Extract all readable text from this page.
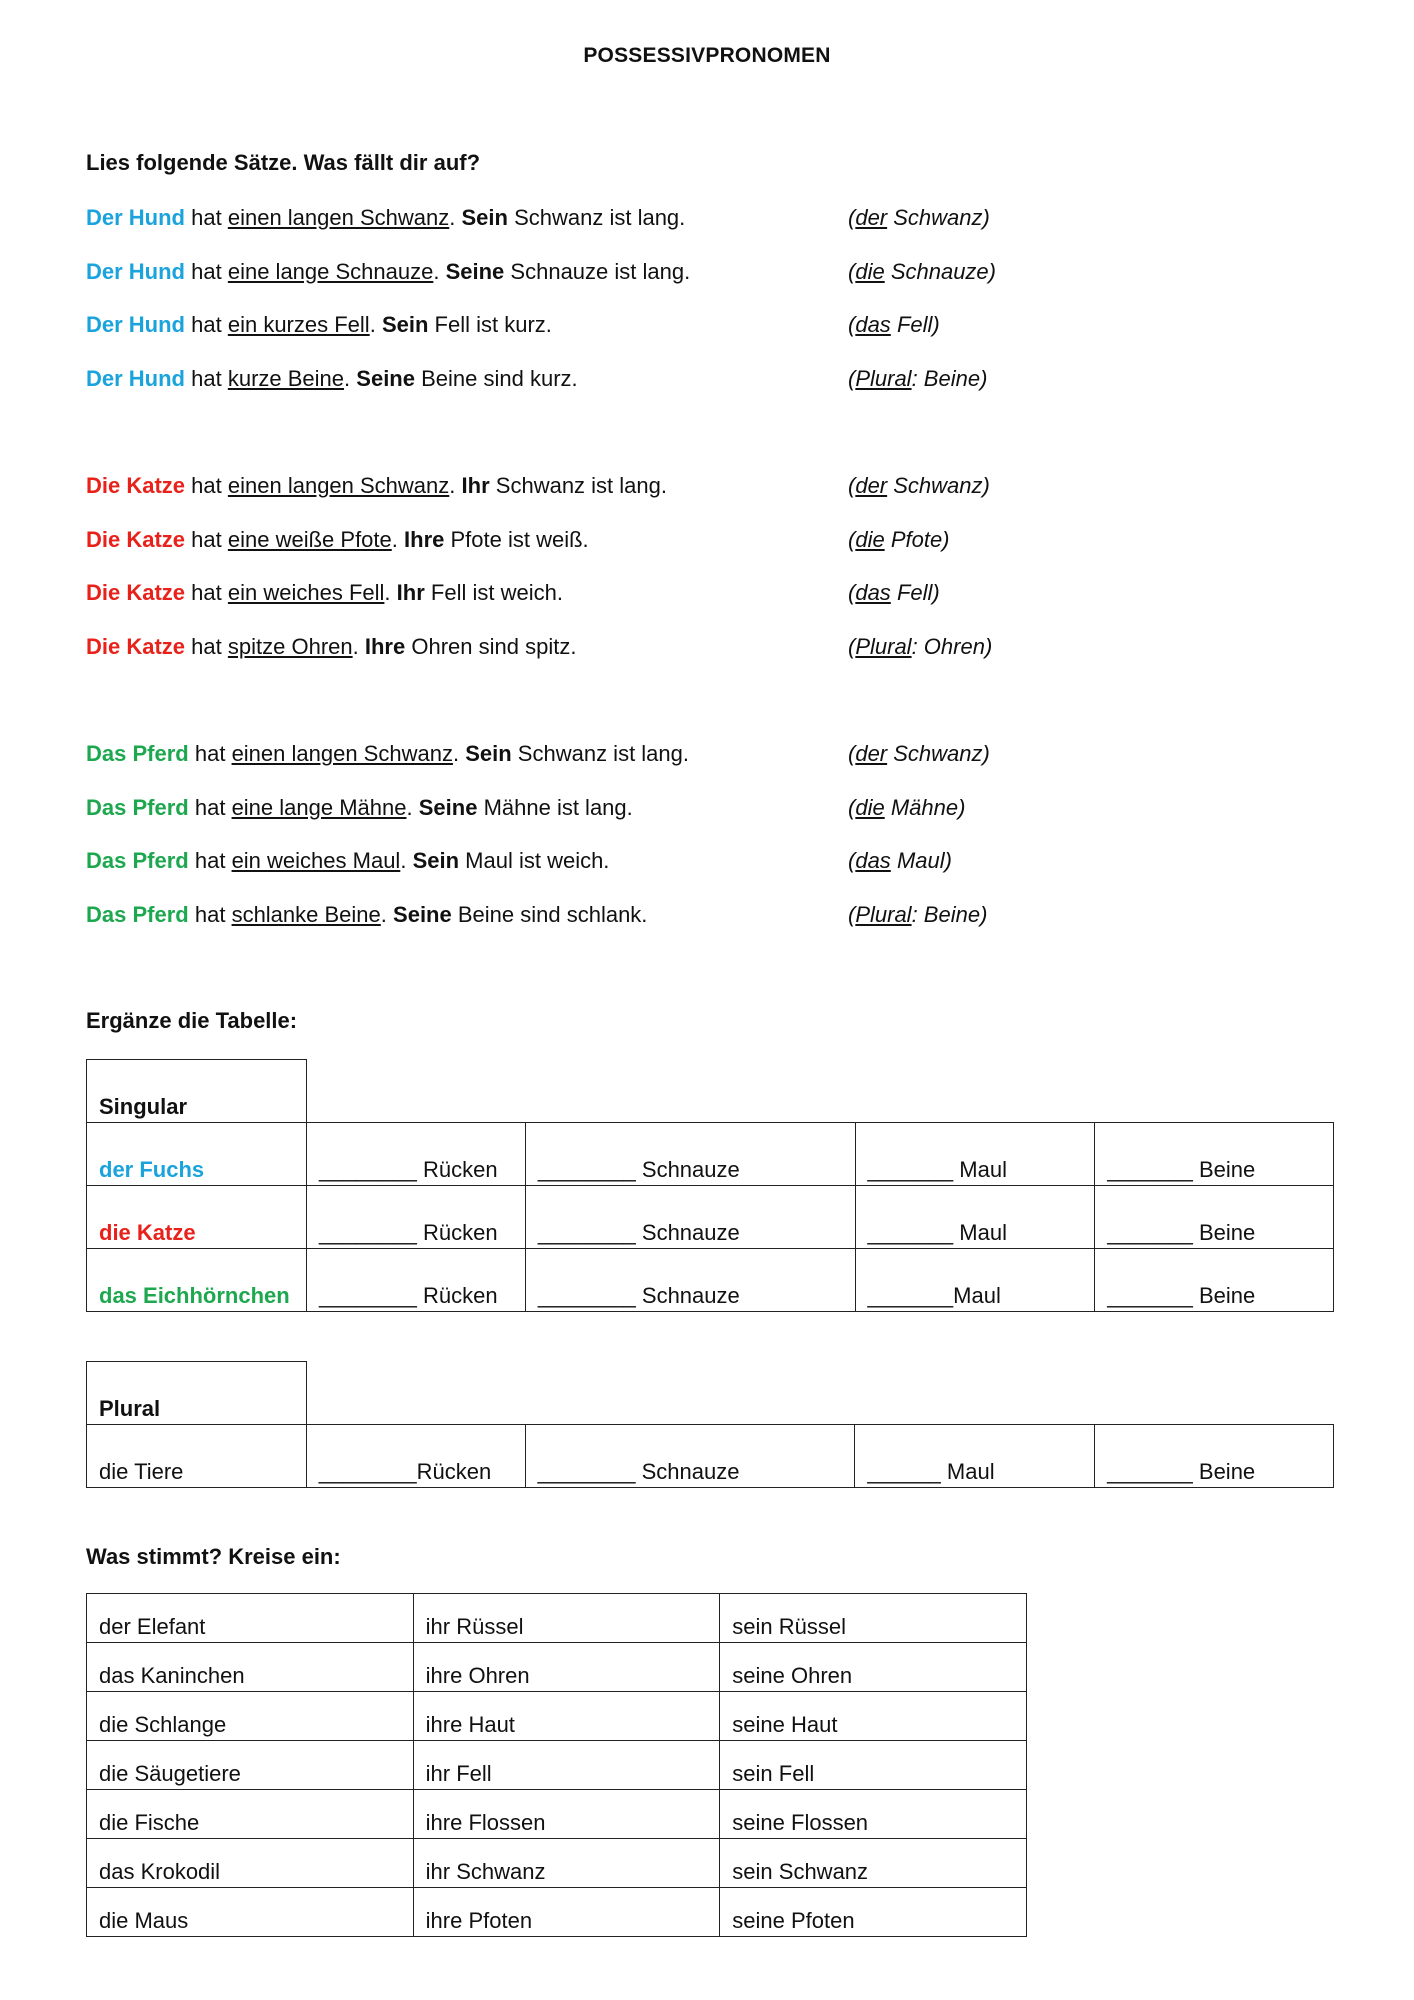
POSSESSIVPRONOMEN
Lies folgende Sätze. Was fällt dir auf?
Der Hund hat einen langen Schwanz. Sein Schwanz ist lang.	(der Schwanz)
Der Hund hat eine lange Schnauze. Seine Schnauze ist lang.	(die Schnauze)
Der Hund hat ein kurzes Fell. Sein Fell ist kurz.	(das Fell)
Der Hund hat kurze Beine. Seine Beine sind kurz.	(Plural: Beine)
Die Katze hat einen langen Schwanz. Ihr Schwanz ist lang.	(der Schwanz)
Die Katze hat eine weiße Pfote. Ihre Pfote ist weiß.	(die Pfote)
Die Katze hat ein weiches Fell. Ihr Fell ist weich.	(das Fell)
Die Katze hat spitze Ohren. Ihre Ohren sind spitz.	(Plural: Ohren)
Das Pferd hat einen langen Schwanz. Sein Schwanz ist lang.	(der Schwanz)
Das Pferd hat eine lange Mähne. Seine Mähne ist lang.	(die Mähne)
Das Pferd hat ein weiches Maul. Sein Maul ist weich.	(das Maul)
Das Pferd hat schlanke Beine. Seine Beine sind schlank.	(Plural: Beine)
Ergänze die Tabelle:
Singular				
der Fuchs	________ Rücken	________ Schnauze	_______ Maul	_______ Beine
die Katze	________ Rücken	________ Schnauze	_______ Maul	_______ Beine
das Eichhörnchen	________ Rücken	________ Schnauze	_______Maul	_______ Beine
Plural				
die Tiere	________Rücken	________ Schnauze	______ Maul	_______ Beine
Was stimmt? Kreise ein:
der Elefant	ihr Rüssel	sein Rüssel
das Kaninchen	ihre Ohren	seine Ohren
die Schlange	ihre Haut	seine Haut
die Säugetiere	ihr Fell	sein Fell
die Fische	ihre Flossen	seine Flossen
das Krokodil	ihr Schwanz	sein Schwanz
die Maus	ihre Pfoten	seine Pfoten
